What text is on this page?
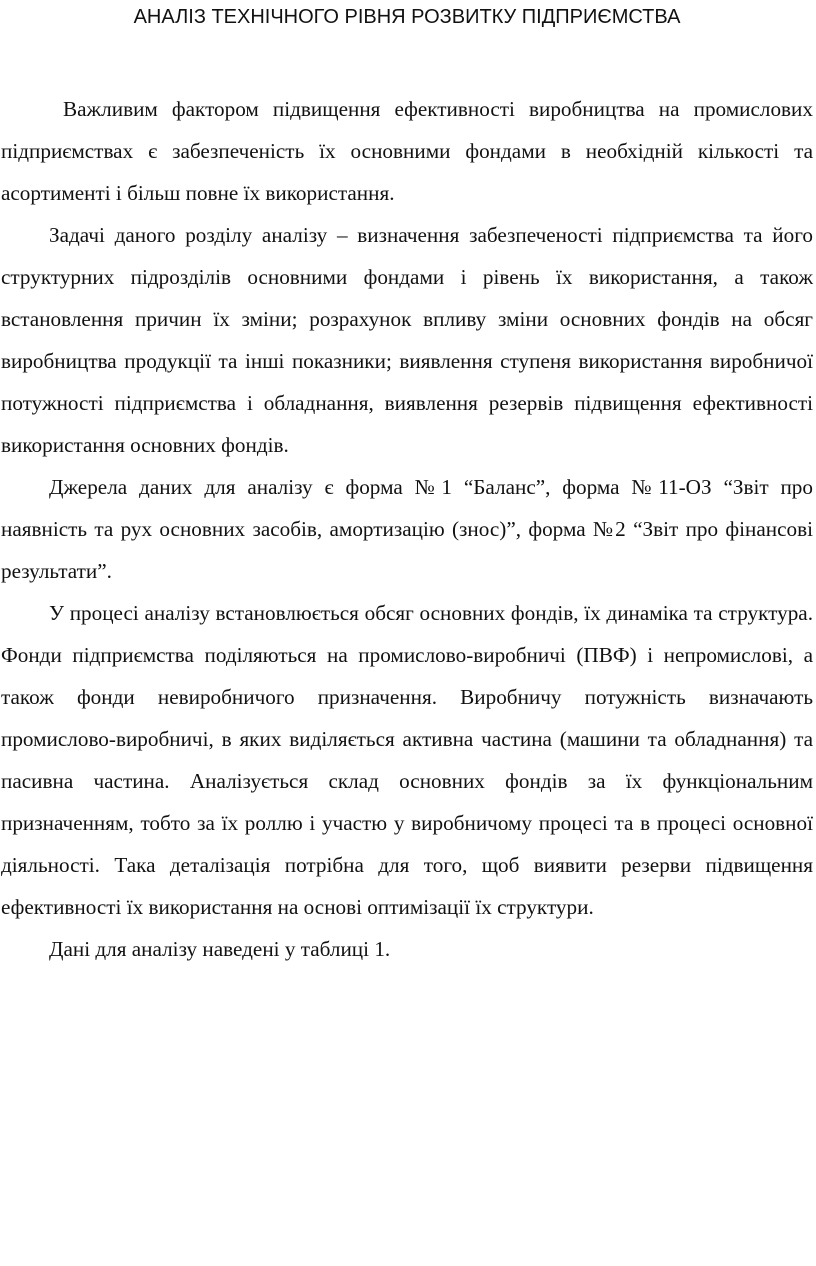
АНАЛІЗ ТЕХНІЧНОГО РІВНЯ РОЗВИТКУ ПІДПРИЄМСТВА

Важливим фактором підвищення ефективності виробництва на промислових підприємствах є забезпеченість їх основними фондами в необхідній кількості та асортименті і більш повне їх використання.

Задачі даного розділу аналізу – визначення забезпеченості підприємства та його структурних підрозділів основними фондами і рівень їх використання, а також встановлення причин їх зміни; розрахунок впливу зміни основних фондів на обсяг виробництва продукції та інші показники; виявлення ступеня використання виробничої потужності підприємства і обладнання, виявлення резервів підвищення ефективності використання основних фондів.

Джерела даних для аналізу є форма №1 “Баланс”, форма №11-ОЗ “Звіт про наявність та рух основних засобів, амортизацію (знос)”, форма №2 “Звіт про фінансові результати”.

У процесі аналізу встановлюється обсяг основних фондів, їх динаміка та структура. Фонди підприємства поділяються на промислово-виробничі (ПВФ) і непромислові, а також фонди невиробничого призначення. Виробничу потужність визначають промислово-виробничі, в яких виділяється активна частина (машини та обладнання) та пасивна частина. Аналізується склад основних фондів за їх функціональним призначенням, тобто за їх роллю і участю у виробничому процесі та в процесі основної діяльності. Така деталізація потрібна для того, щоб виявити резерви підвищення ефективності їх використання на основі оптимізації їх структури.

Дані для аналізу наведені у таблиці 1.
